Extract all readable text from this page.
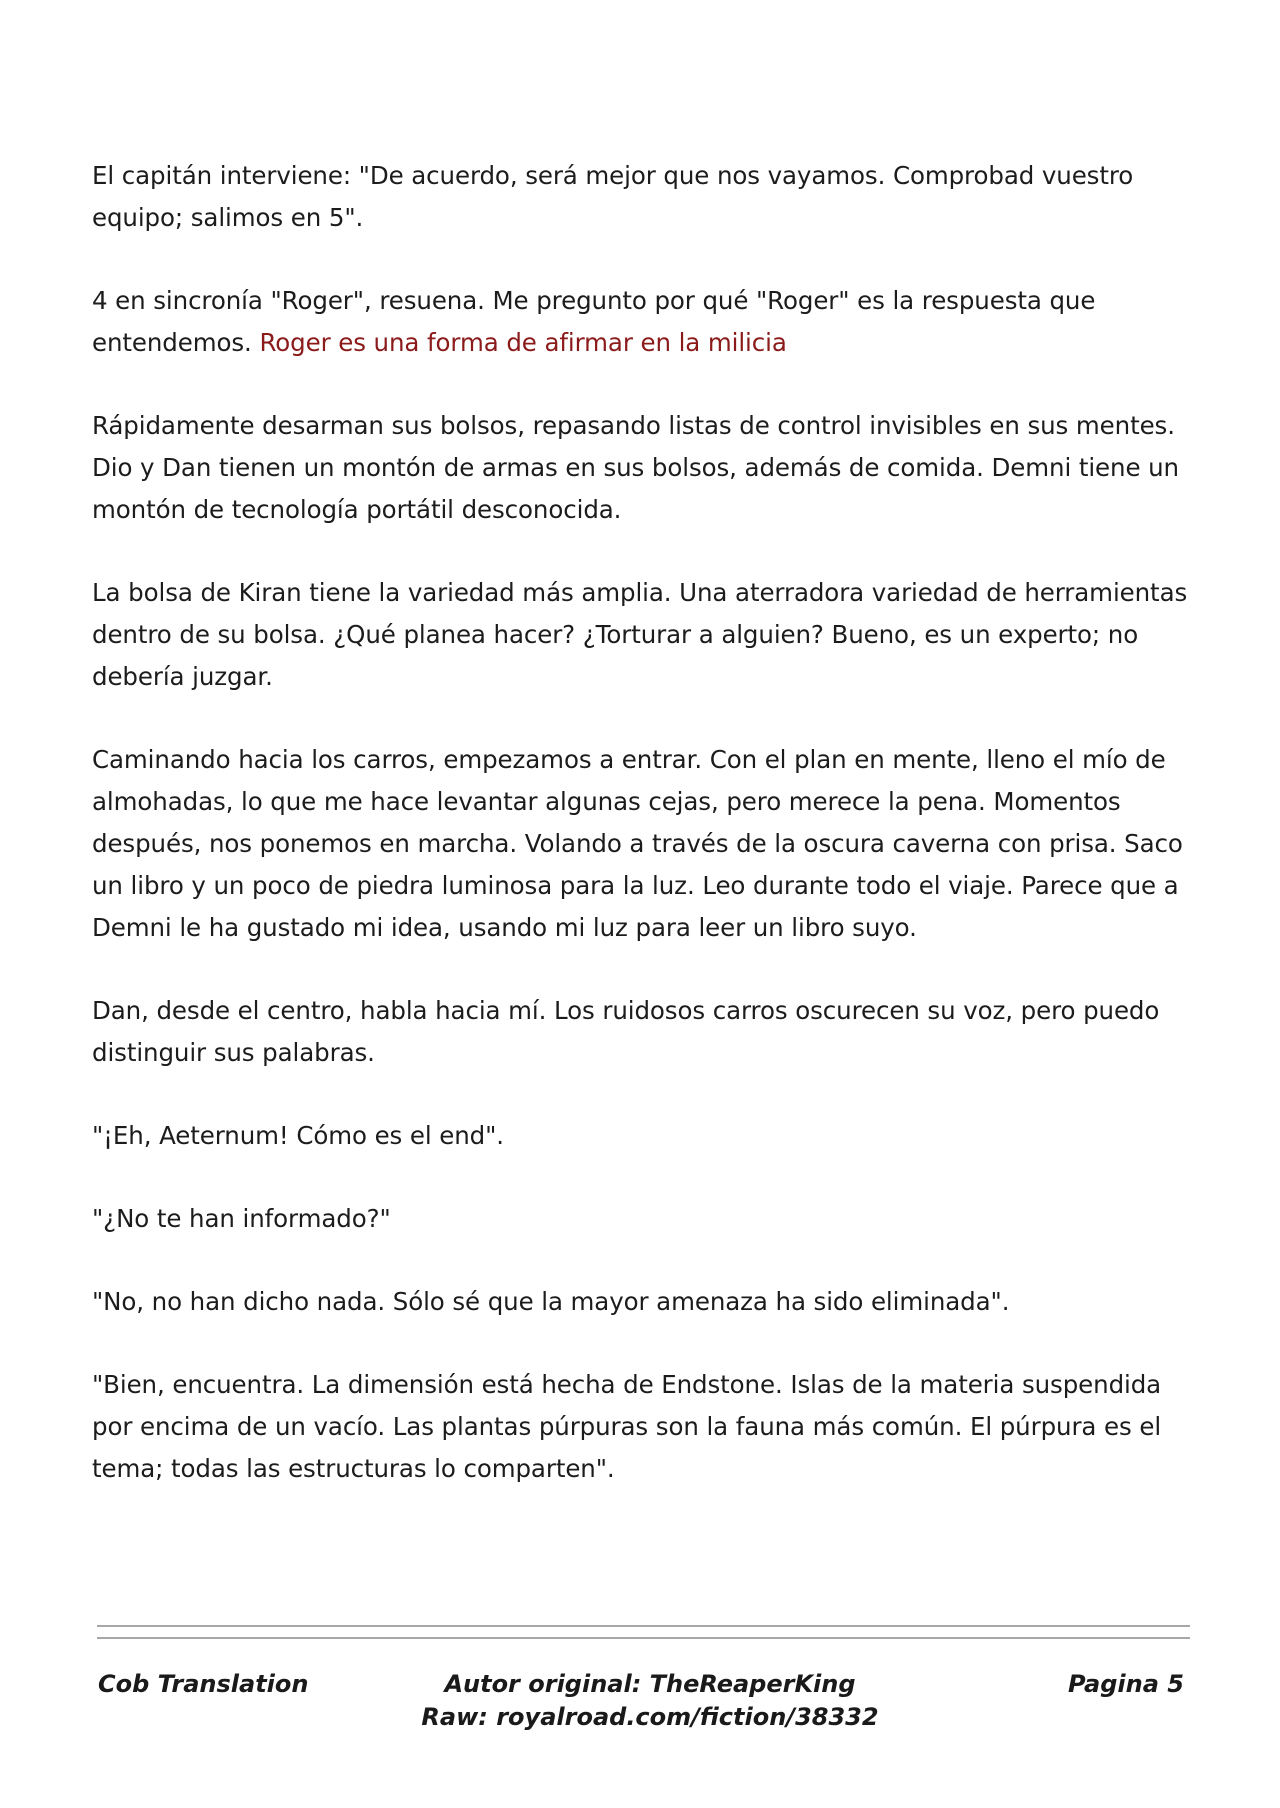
El capitán interviene: "De acuerdo, será mejor que nos vayamos. Comprobad vuestro equipo; salimos en 5".

4 en sincronía "Roger", resuena. Me pregunto por qué "Roger" es la respuesta que entendemos. Roger es una forma de afirmar en la milicia

Rápidamente desarman sus bolsos, repasando listas de control invisibles en sus mentes. Dio y Dan tienen un montón de armas en sus bolsos, además de comida. Demni tiene un montón de tecnología portátil desconocida.

La bolsa de Kiran tiene la variedad más amplia. Una aterradora variedad de herramientas dentro de su bolsa. ¿Qué planea hacer? ¿Torturar a alguien? Bueno, es un experto; no debería juzgar.

Caminando hacia los carros, empezamos a entrar. Con el plan en mente, lleno el mío de almohadas, lo que me hace levantar algunas cejas, pero merece la pena. Momentos después, nos ponemos en marcha. Volando a través de la oscura caverna con prisa. Saco un libro y un poco de piedra luminosa para la luz. Leo durante todo el viaje. Parece que a Demni le ha gustado mi idea, usando mi luz para leer un libro suyo.

Dan, desde el centro, habla hacia mí. Los ruidosos carros oscurecen su voz, pero puedo distinguir sus palabras.

"¡Eh, Aeternum! Cómo es el end".

"¿No te han informado?"

"No, no han dicho nada. Sólo sé que la mayor amenaza ha sido eliminada".

"Bien, encuentra. La dimensión está hecha de Endstone. Islas de la materia suspendida por encima de un vacío. Las plantas púrpuras son la fauna más común. El púrpura es el tema; todas las estructuras lo comparten".

Cob Translation	Autor original: TheReaperKing
Raw: royalroad.com/fiction/38332
Pagina 5
